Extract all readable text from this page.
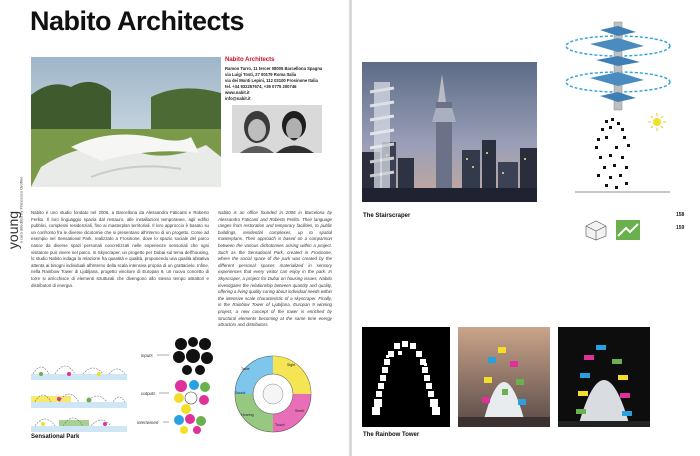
Nabito Architects
young
a cura di/edited by Francesco Orofino
Nabito Architects
Ramon Turro, 11 tercer 08005 Barcellona Spagna
via Luigi Tosti, 27 00179 Roma Italia
via dei Monti Lepini, 112 03100 Frosinone Italia
tel. +34 932257674, +39 0775 200746
www.nabit.it
info@nabit.it
Nabito è uno studio fondato nel 2006, a Barcellona da Alessandra Faticanti e Roberto Ferlito. Il loro linguaggio spazia dal restauro, alle installazioni temporanee, agli edifici pubblici, complessi residenziali, fino ai masterplan territoriali. Il loro approccio è basato su un confronto fra le diverse dicotomie che si presentano all'interno di un progetto. Come ad esempio nel Sensational Park, realizzato a Frosinone, dove lo spazio sociale del parco nasce da diverse spazi personali concretizzati nelle esperienze sensoriali che ogni visitatore può vivere nel parco. In Skyscraper, un progetto per Dubai sul tema dell'housing, lo studio Nabito indaga la relazione fra quantità e qualità, proponendo una qualità abitativa attenta ai bisogni individuali all'interno della scala intensiva propria di un grattacielo. Infine, nella Rainbow Tower di Ljubljana, progetto vincitore di Europan 9, un nuovo concetto di torre si arricchisce di elementi strutturali che divengono allo stesso tempo attrattori e distributori di energia.
Nabito is an office founded in 2006 in Barcelona by Alessandra Faticanti and Roberto Ferlito. Their language ranges from restoration and temporary facilities, to public buildings, residential complexes, up to spatial masterplans. Their approach is based on a comparison between the various dichotomies arising within a project. Such as the Sensational Park, created in Frosinone, where the social space of the park was created by the different personal spaces materialized in sensory experiences that every visitor can enjoy in the park. In Skyscraper, a project for Dubai on housing issues, Nabito investigates the relationship between quantity and quality, offering a living quality caring about individual needs within the intensive scale characteristic of a skyscraper. Finally, in the Rainbow Tower of Ljubljana, Europan 9 winning project, a new concept of the tower is enriched by structural elements becoming at the same time energy attractors and distributors.
inputs
outputs
intertwined
Taste
Sight
Smell
Touch
Hearing
Sound
Sensational Park
158
159
The Stairscraper
The Rainbow Tower
